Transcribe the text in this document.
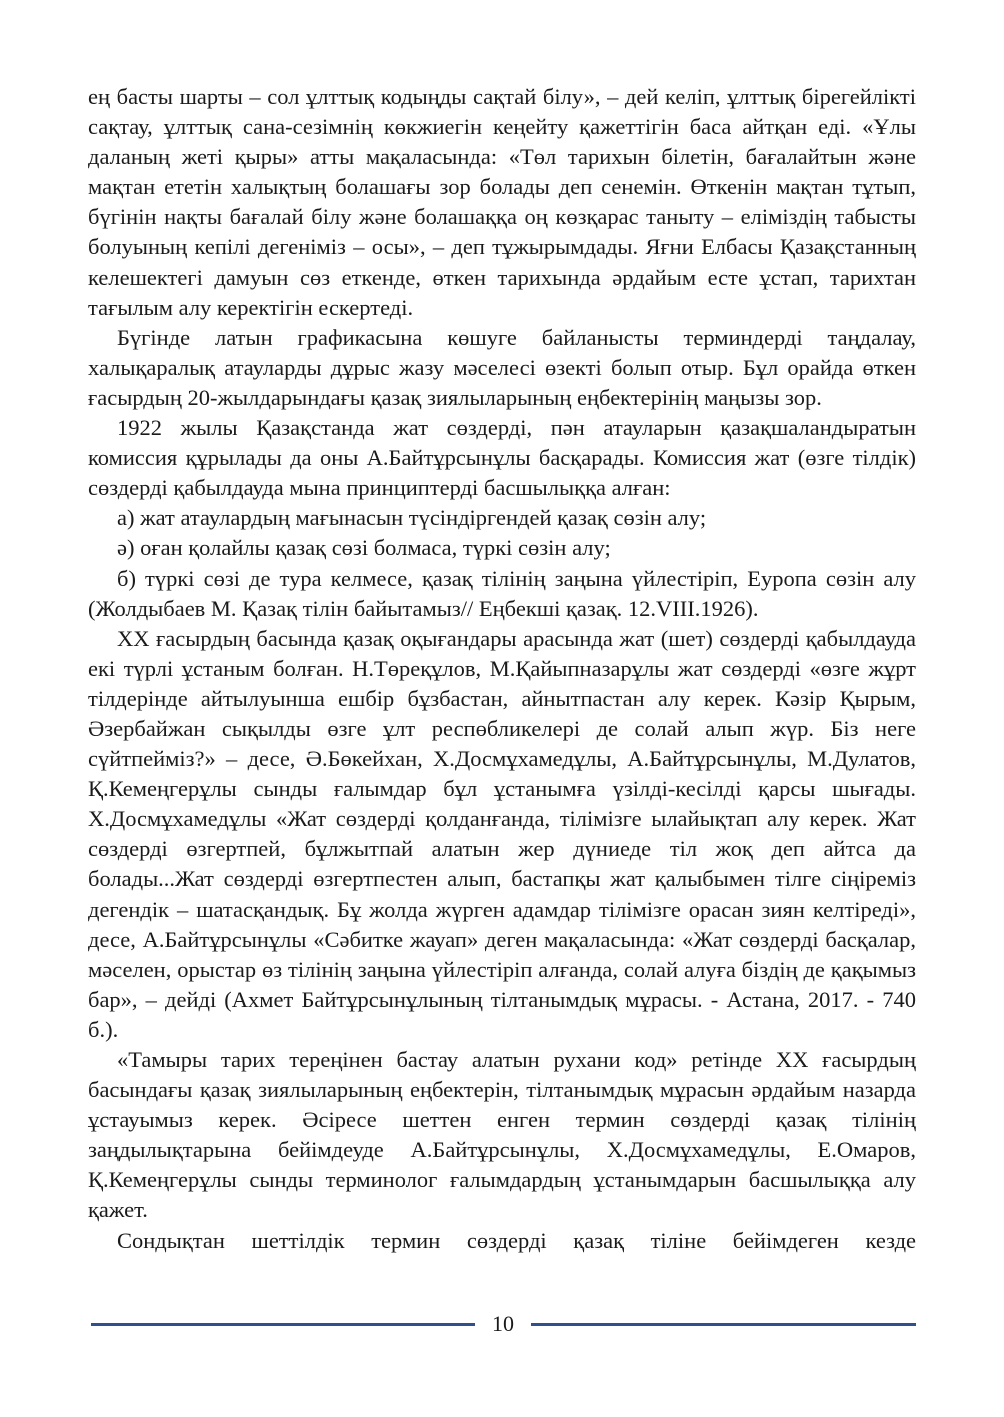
ең басты шарты – сол ұлттық кодыңды сақтай білу», – дей келіп, ұлттық бірегейлікті сақтау, ұлттық сана-сезімнің көкжиегін кеңейту қажеттігін баса айтқан еді. «Ұлы даланың жеті қыры» атты мақаласында: «Төл тарихын білетін, бағалайтын және мақтан ететін халықтың болашағы зор болады деп сенемін. Өткенін мақтан тұтып, бүгінін нақты бағалай білу және болашаққа оң көзқарас таныту – еліміздің табысты болуының кепілі дегеніміз – осы», – деп тұжырымдады. Яғни Елбасы Қазақстанның келешектегі дамуын сөз еткенде, өткен тарихында әрдайым есте ұстап, тарихтан тағылым алу керектігін ескертеді.

Бүгінде латын графикасына көшуге байланысты терминдерді таңдалау, халықаралық атауларды дұрыс жазу мәселесі өзекті болып отыр. Бұл орайда өткен ғасырдың 20-жылдарындағы қазақ зиялыларының еңбектерінің маңызы зор.

1922 жылы Қазақстанда жат сөздерді, пән атауларын қазақшаландыратын комиссия құрылады да оны А.Байтұрсынұлы басқарады. Комиссия жат (өзге тілдік) сөздерді қабылдауда мына принциптерді басшылыққа алған:

а) жат атаулардың мағынасын түсіндіргендей қазақ сөзін алу;

ә) оған қолайлы қазақ сөзі болмаса, түркі сөзін алу;

б) түркі сөзі де тура келмесе, қазақ тілінің заңына үйлестіріп, Еуропа сөзін алу (Жолдыбаев М. Қазақ тілін байытамыз// Еңбекші қазақ. 12.VIII.1926).

ХХ ғасырдың басында қазақ оқығандары арасында жат (шет) сөздерді қабылдауда екі түрлі ұстаным болған. Н.Төреқұлов, М.Қайыпназарұлы жат сөздерді «өзге жұрт тілдерінде айтылуынша ешбір бұзбастан, айнытпастан алу керек. Кәзір Қырым, Әзербайжан сықылды өзге ұлт респөбликелері де солай алып жүр. Біз неге сүйтпейміз?» – десе, Ә.Бөкейхан, Х.Досмұхамедұлы, А.Байтұрсынұлы, М.Дулатов, Қ.Кемеңгерұлы сынды ғалымдар бұл ұстанымға үзілді-кесілді қарсы шығады. Х.Досмұхамедұлы «Жат сөздерді қолданғанда, тілімізге ылайықтап алу керек. Жат сөздерді өзгертпей, бұлжытпай алатын жер дүниеде тіл жоқ деп айтса да болады...Жат сөздерді өзгертпестен алып, бастапқы жат қалыбымен тілге сіңіреміз дегендік – шатасқандық. Бұ жолда жүрген адамдар тілімізге орасан зиян келтіреді», десе, А.Байтұрсынұлы «Сәбитке жауап» деген мақаласында: «Жат сөздерді басқалар, мәселен, орыстар өз тілінің заңына үйлестіріп алғанда, солай алуға біздің де қақымыз бар», – дейді (Ахмет Байтұрсынұлының тілтанымдық мұрасы. - Астана, 2017. - 740 б.).

«Тамыры тарих тереңінен бастау алатын рухани код» ретінде ХХ ғасырдың басындағы қазақ зиялыларының еңбектерін, тілтанымдық мұрасын әрдайым назарда ұстауымыз керек. Әсіресе шеттен енген термин сөздерді қазақ тілінің заңдылықтарына бейімдеуде А.Байтұрсынұлы, Х.Досмұхамедұлы, Е.Омаров, Қ.Кемеңгерұлы сынды терминолог ғалымдардың ұстанымдарын басшылыққа алу қажет.

Сондықтан шеттілдік термин сөздерді қазақ тіліне бейімдеген кезде

10
